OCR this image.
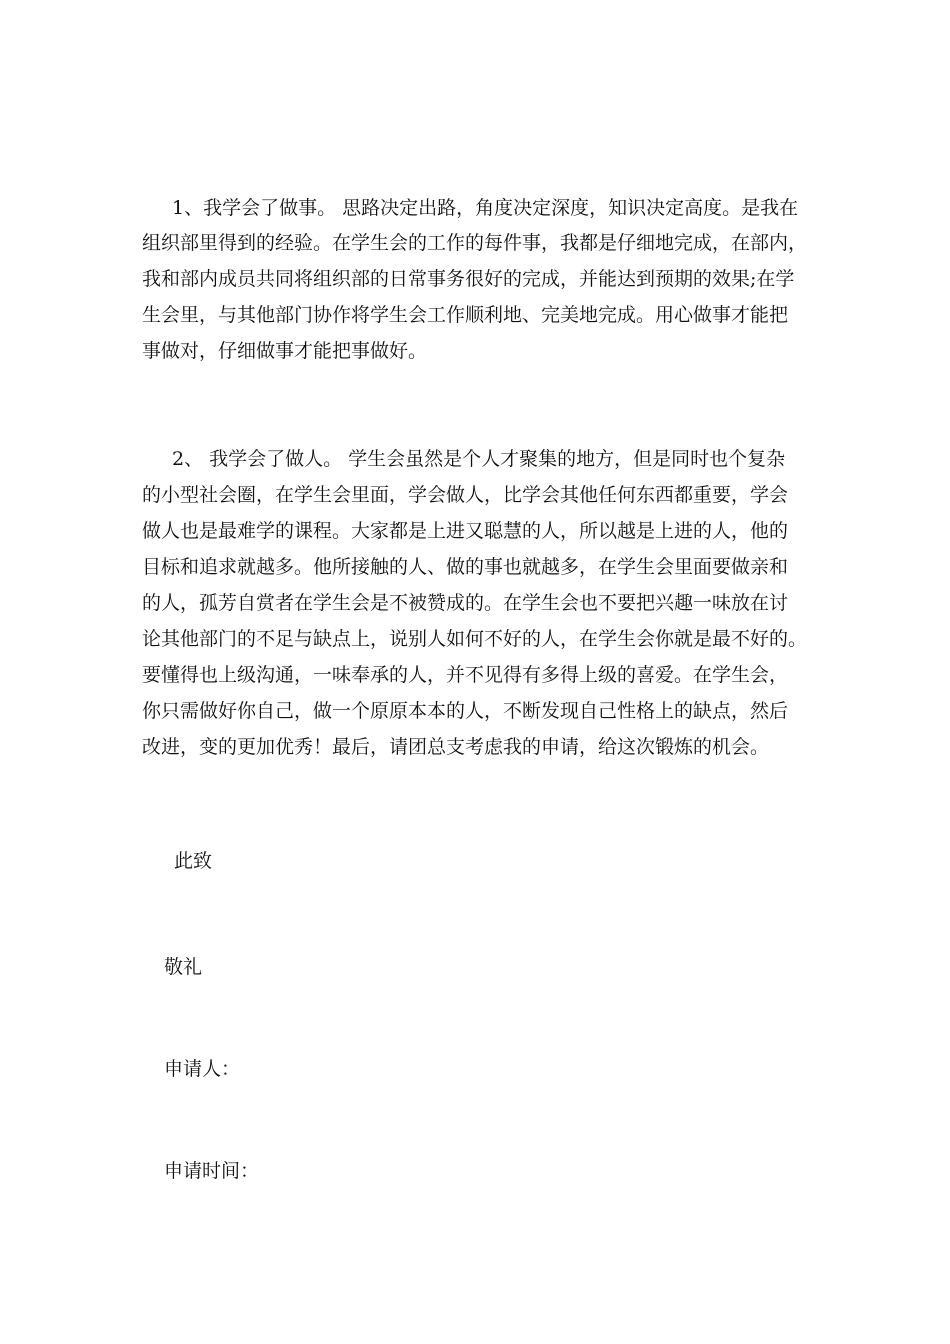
1、我学会了做事。 思路决定出路，角度决定深度，知识决定高度。是我在
组织部里得到的经验。在学生会的工作的每件事，我都是仔细地完成，在部内，
我和部内成员共同将组织部的日常事务很好的完成，并能达到预期的效果;在学
生会里，与其他部门协作将学生会工作顺利地、完美地完成。用心做事才能把
事做对，仔细做事才能把事做好。
2、 我学会了做人。 学生会虽然是个人才聚集的地方，但是同时也个复杂
的小型社会圈，在学生会里面，学会做人，比学会其他任何东西都重要，学会
做人也是最难学的课程。大家都是上进又聪慧的人，所以越是上进的人，他的
目标和追求就越多。他所接触的人、做的事也就越多，在学生会里面要做亲和
的人，孤芳自赏者在学生会是不被赞成的。在学生会也不要把兴趣一味放在讨
论其他部门的不足与缺点上，说别人如何不好的人，在学生会你就是最不好的。
要懂得也上级沟通，一味奉承的人，并不见得有多得上级的喜爱。在学生会，
你只需做好你自己，做一个原原本本的人，不断发现自己性格上的缺点，然后
改进，变的更加优秀！最后，请团总支考虑我的申请，给这次锻炼的机会。
此致
敬礼
申请人：
申请时间：
